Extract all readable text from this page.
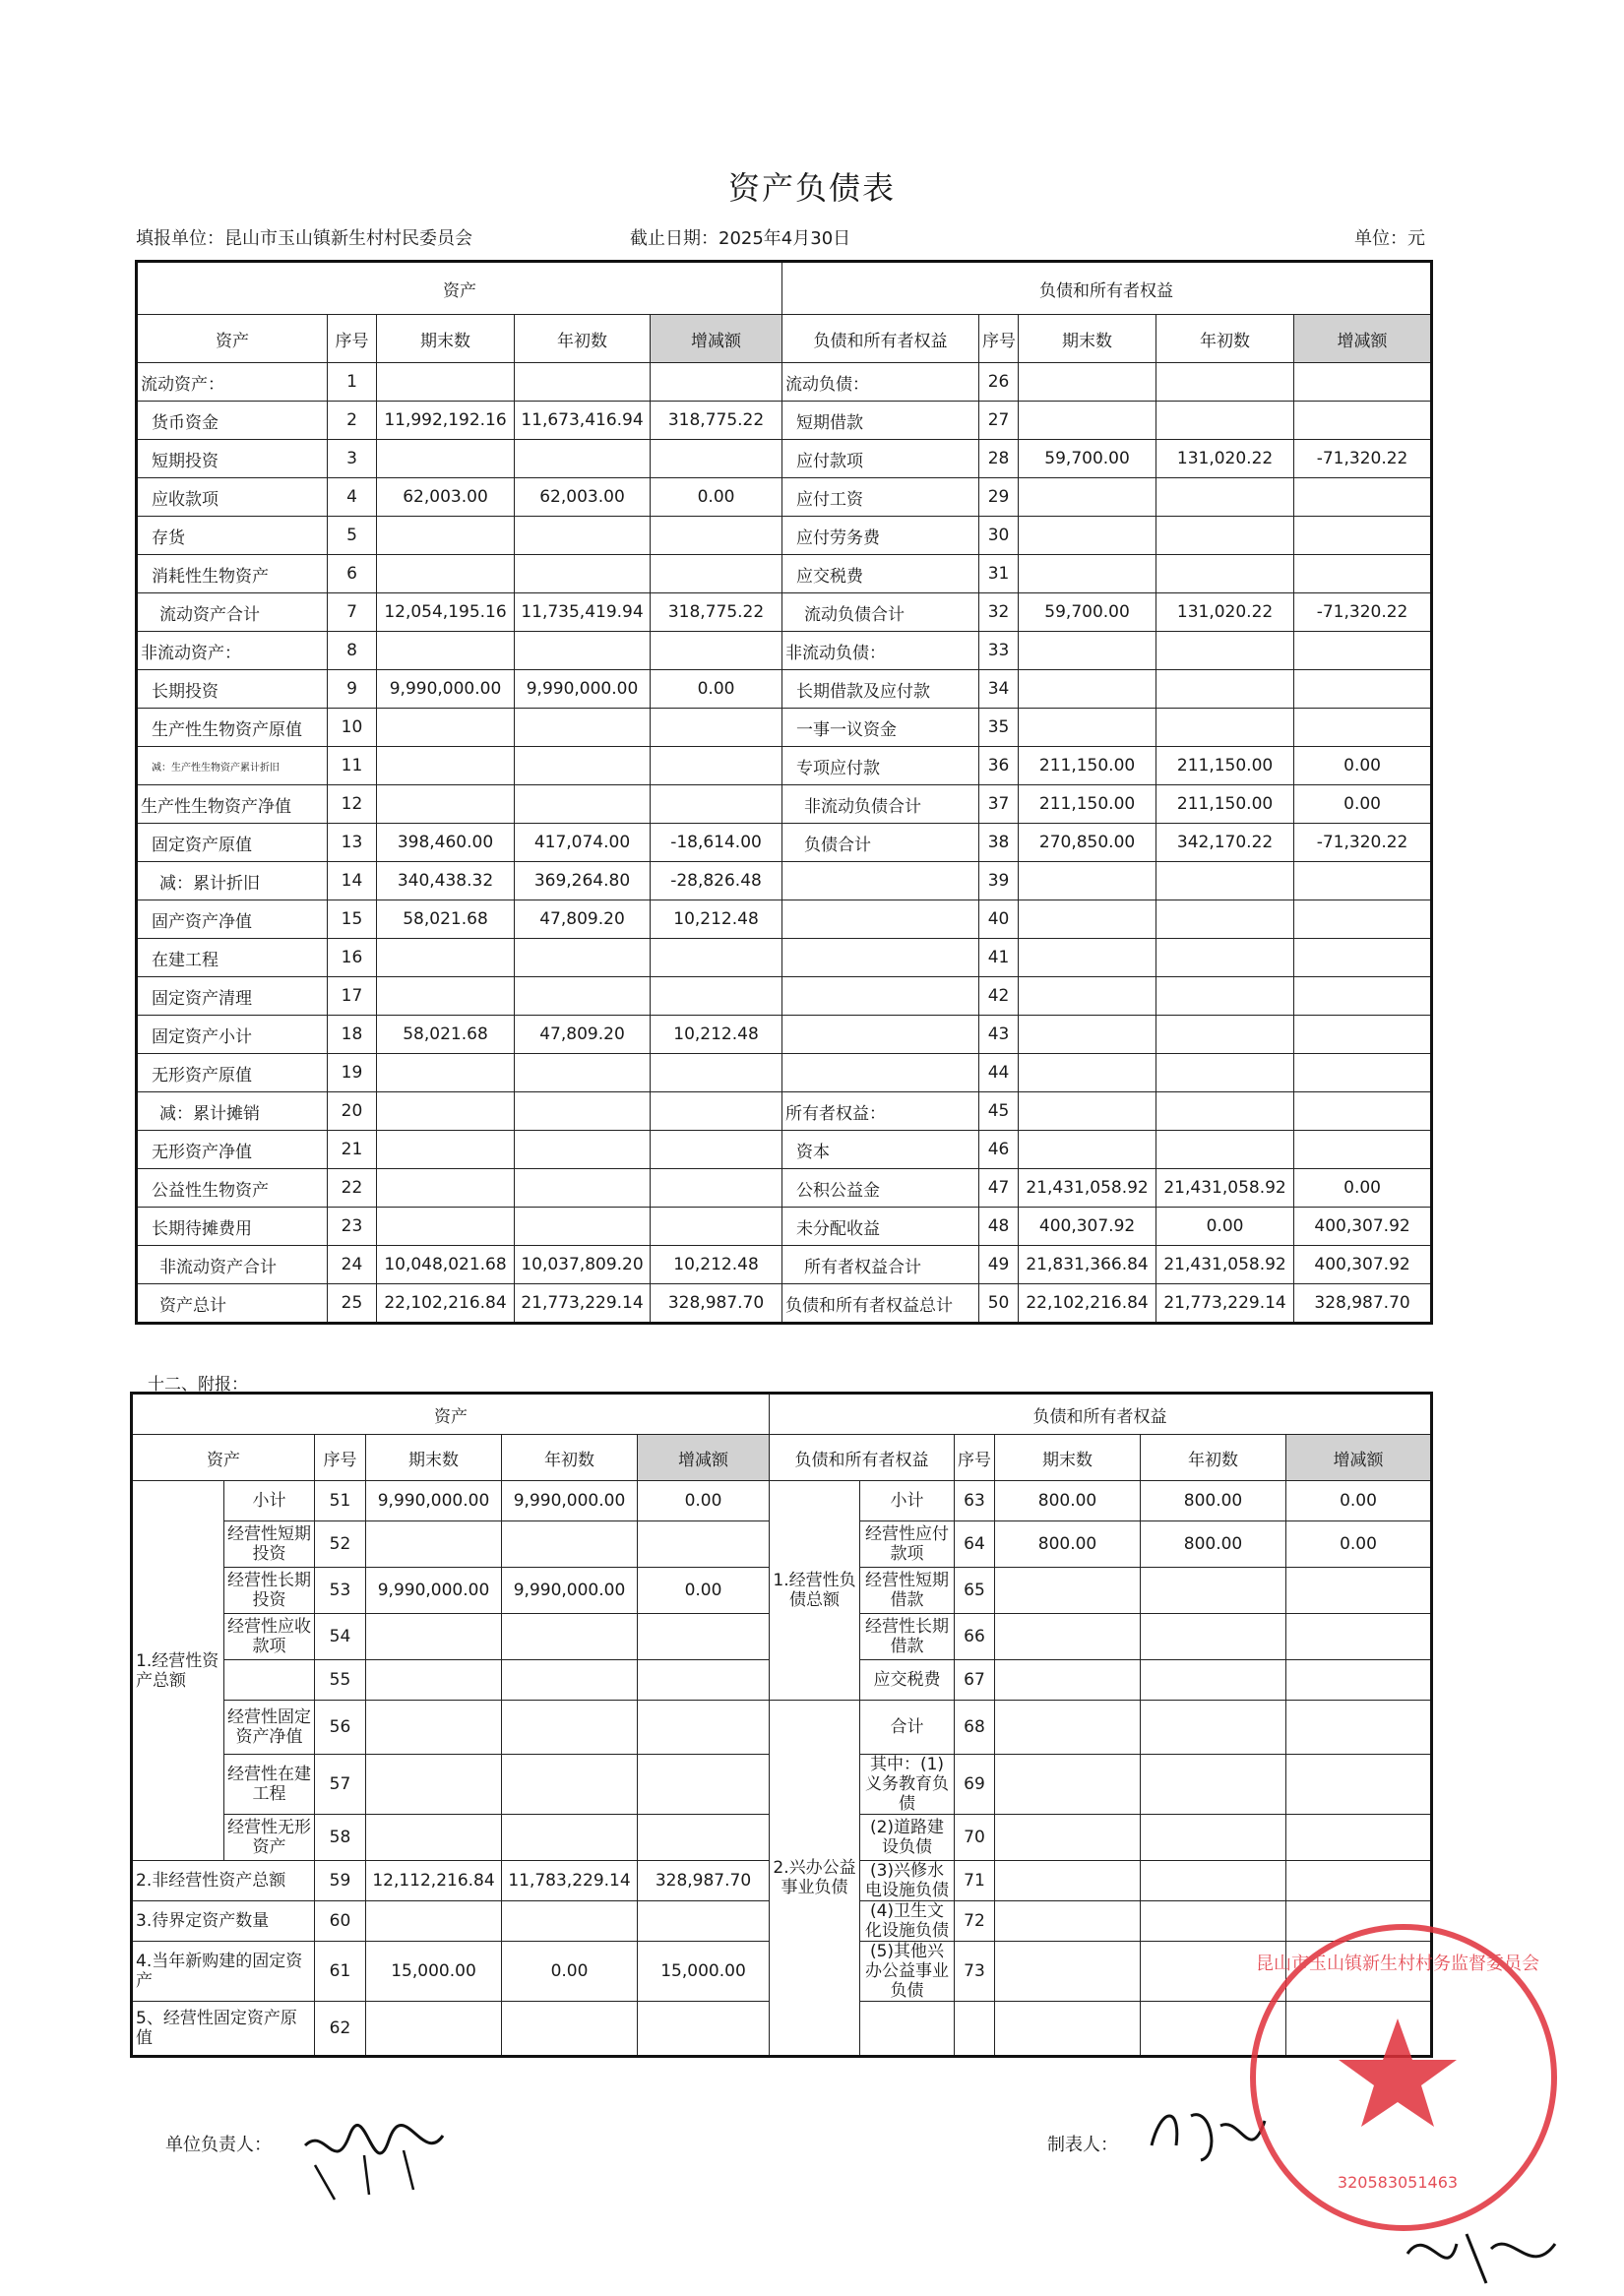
资产负债表
填报单位：昆山市玉山镇新生村村民委员会	截止日期：2025年4月30日	单位：元
资产					负债和所有者权益				
资产	序号	期末数	年初数	增减额	负债和所有者权益	序号	期末数	年初数	增减额
流动资产：	1				流动负债：	26			
货币资金	2	11,992,192.16	11,673,416.94	318,775.22	短期借款	27			
短期投资	3				应付款项	28	59,700.00	131,020.22	-71,320.22
应收款项	4	62,003.00	62,003.00	0.00	应付工资	29			
存货	5				应付劳务费	30			
消耗性生物资产	6				应交税费	31			
流动资产合计	7	12,054,195.16	11,735,419.94	318,775.22	流动负债合计	32	59,700.00	131,020.22	-71,320.22
非流动资产：	8				非流动负债：	33			
长期投资	9	9,990,000.00	9,990,000.00	0.00	长期借款及应付款	34			
生产性生物资产原值	10				一事一议资金	35			
减：生产性生物资产累计折旧	11				专项应付款	36	211,150.00	211,150.00	0.00
生产性生物资产净值	12				非流动负债合计	37	211,150.00	211,150.00	0.00
固定资产原值	13	398,460.00	417,074.00	-18,614.00	负债合计	38	270,850.00	342,170.22	-71,320.22
减：累计折旧	14	340,438.32	369,264.80	-28,826.48		39			
固产资产净值	15	58,021.68	47,809.20	10,212.48		40			
在建工程	16					41			
固定资产清理	17					42			
固定资产小计	18	58,021.68	47,809.20	10,212.48		43			
无形资产原值	19					44			
减：累计摊销	20				所有者权益：	45			
无形资产净值	21				资本	46			
公益性生物资产	22				公积公益金	47	21,431,058.92	21,431,058.92	0.00
长期待摊费用	23				未分配收益	48	400,307.92	0.00	400,307.92
非流动资产合计	24	10,048,021.68	10,037,809.20	10,212.48	所有者权益合计	49	21,831,366.84	21,431,058.92	400,307.92
资产总计	25	22,102,216.84	21,773,229.14	328,987.70	负债和所有者权益总计	50	22,102,216.84	21,773,229.14	328,987.70
十二、附报：
资产						负债和所有者权益					
资产		序号	期末数	年初数	增减额	负债和所有者权益		序号	期末数	年初数	增减额
1.经营性资产总额	小计	51	9,990,000.00	9,990,000.00	0.00	1.经营性负债总额	小计	63	800.00	800.00	0.00
	经营性短期投资	52					经营性应付款项	64	800.00	800.00	0.00
	经营性长期投资	53	9,990,000.00	9,990,000.00	0.00		经营性短期借款	65			
	经营性应收款项	54					经营性长期借款	66			
		55					应交税费	67			
	经营性固定资产净值	56				2.兴办公益事业负债	合计	68			
	经营性在建工程	57					其中：(1)义务教育负债	69			
	经营性无形资产	58					(2)道路建设负债	70			
2.非经营性资产总额		59	12,112,216.84	11,783,229.14	328,987.70		(3)兴修水电设施负债	71			
3.待界定资产数量		60					(4)卫生文化设施负债	72			
4.当年新购建的固定资产		61	15,000.00	0.00	15,000.00		(5)其他兴办公益事业负债	73			
5、经营性固定资产原值		62									
单位负责人：	制表人：
昆山市玉山镇新生村村务监督委员会
320583051463
